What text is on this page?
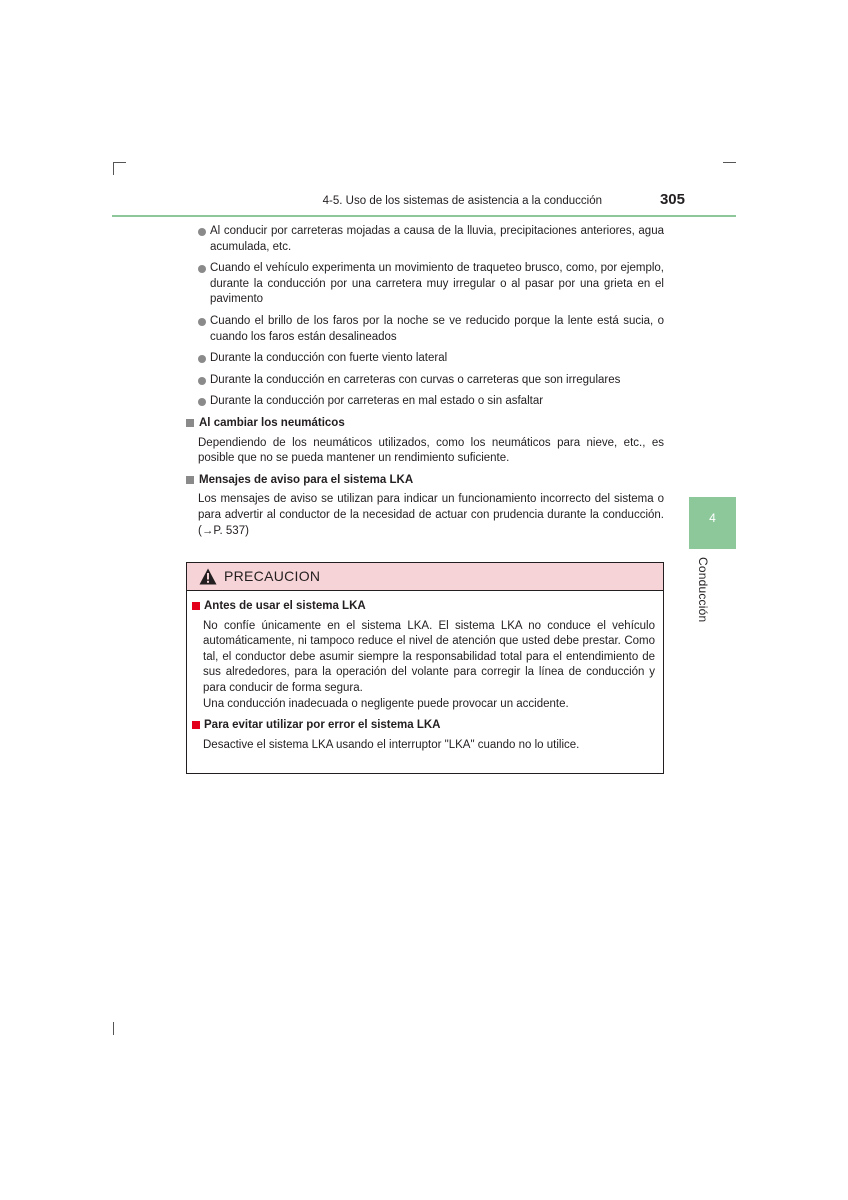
4-5. Uso de los sistemas de asistencia a la conducción	305
4
Conducción
Al conducir por carreteras mojadas a causa de la lluvia, precipitaciones anteriores, agua acumulada, etc.
Cuando el vehículo experimenta un movimiento de traqueteo brusco, como, por ejemplo, durante la conducción por una carretera muy irregular o al pasar por una grieta en el pavimento
Cuando el brillo de los faros por la noche se ve reducido porque la lente está sucia, o cuando los faros están desalineados
Durante la conducción con fuerte viento lateral
Durante la conducción en carreteras con curvas o carreteras que son irregulares
Durante la conducción por carreteras en mal estado o sin asfaltar
Al cambiar los neumáticos
Dependiendo de los neumáticos utilizados, como los neumáticos para nieve, etc., es posible que no se pueda mantener un rendimiento suficiente.
Mensajes de aviso para el sistema LKA
Los mensajes de aviso se utilizan para indicar un funcionamiento incorrecto del sistema o para advertir al conductor de la necesidad de actuar con prudencia durante la conducción. (→P. 537)
PRECAUCION
Antes de usar el sistema LKA
No confíe únicamente en el sistema LKA. El sistema LKA no conduce el vehículo automáticamente, ni tampoco reduce el nivel de atención que usted debe prestar. Como tal, el conductor debe asumir siempre la responsabilidad total para el entendimiento de sus alrededores, para la operación del volante para corregir la línea de conducción y para conducir de forma segura.
Una conducción inadecuada o negligente puede provocar un accidente.
Para evitar utilizar por error el sistema LKA
Desactive el sistema LKA usando el interruptor "LKA" cuando no lo utilice.
